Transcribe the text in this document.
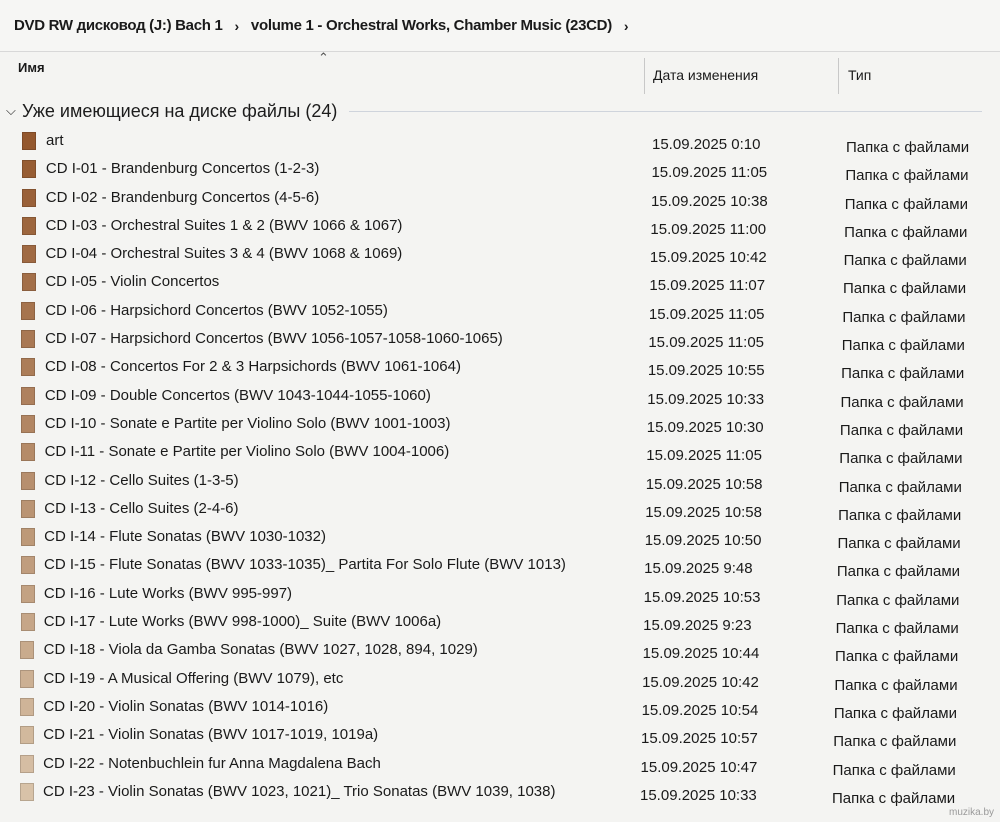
DVD RW дисковод (J:) Bach 1 › volume 1 - Orchestral Works, Chamber Music (23CD) ›
Имя
⌃
Дата изменения	Тип
⌵ Уже имеющиеся на диске файлы (24)
art	15.09.2025 0:10	Папка с файлами
CD I-01 - Brandenburg Concertos (1-2-3)	15.09.2025 11:05	Папка с файлами
CD I-02 - Brandenburg Concertos (4-5-6)	15.09.2025 10:38	Папка с файлами
CD I-03 - Orchestral Suites 1 & 2 (BWV 1066 & 1067)	15.09.2025 11:00	Папка с файлами
CD I-04 - Orchestral Suites 3 & 4 (BWV 1068 & 1069)	15.09.2025 10:42	Папка с файлами
CD I-05 - Violin Concertos	15.09.2025 11:07	Папка с файлами
CD I-06 - Harpsichord Concertos (BWV 1052-1055)	15.09.2025 11:05	Папка с файлами
CD I-07 - Harpsichord Concertos (BWV 1056-1057-1058-1060-1065)	15.09.2025 11:05	Папка с файлами
CD I-08 - Concertos For 2 & 3 Harpsichords (BWV 1061-1064)	15.09.2025 10:55	Папка с файлами
CD I-09 - Double Concertos (BWV 1043-1044-1055-1060)	15.09.2025 10:33	Папка с файлами
CD I-10 - Sonate e Partite per Violino Solo (BWV 1001-1003)	15.09.2025 10:30	Папка с файлами
CD I-11 - Sonate e Partite per Violino Solo (BWV 1004-1006)	15.09.2025 11:05	Папка с файлами
CD I-12 - Cello Suites (1-3-5)	15.09.2025 10:58	Папка с файлами
CD I-13 - Cello Suites (2-4-6)	15.09.2025 10:58	Папка с файлами
CD I-14 - Flute Sonatas (BWV 1030-1032)	15.09.2025 10:50	Папка с файлами
CD I-15 - Flute Sonatas (BWV 1033-1035)_ Partita For Solo Flute (BWV 1013)	15.09.2025 9:48	Папка с файлами
CD I-16 - Lute Works (BWV 995-997)	15.09.2025 10:53	Папка с файлами
CD I-17 - Lute Works (BWV 998-1000)_ Suite (BWV 1006a)	15.09.2025 9:23	Папка с файлами
CD I-18 - Viola da Gamba Sonatas (BWV 1027, 1028, 894, 1029)	15.09.2025 10:44	Папка с файлами
CD I-19 - A Musical Offering (BWV 1079), etc	15.09.2025 10:42	Папка с файлами
CD I-20 - Violin Sonatas (BWV 1014-1016)	15.09.2025 10:54	Папка с файлами
CD I-21 - Violin Sonatas (BWV 1017-1019, 1019a)	15.09.2025 10:57	Папка с файлами
CD I-22 - Notenbuchlein fur Anna Magdalena Bach	15.09.2025 10:47	Папка с файлами
CD I-23 - Violin Sonatas (BWV 1023, 1021)_ Trio Sonatas (BWV 1039, 1038)	15.09.2025 10:33	Папка с файлами
muzika.by
